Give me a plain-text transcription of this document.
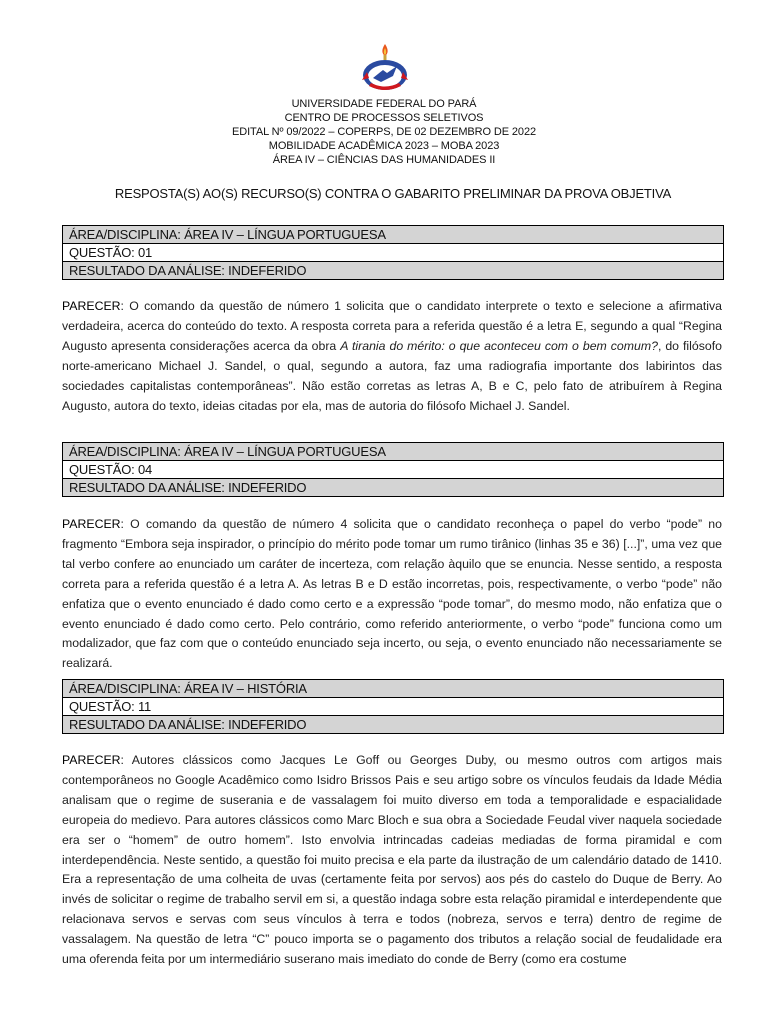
UNIVERSIDADE FEDERAL DO PARÁ
CENTRO DE PROCESSOS SELETIVOS
EDITAL Nº 09/2022 – COPERPS, DE 02 DEZEMBRO DE 2022
MOBILIDADE ACADÊMICA 2023 – MOBA 2023
ÁREA IV – CIÊNCIAS DAS HUMANIDADES II
RESPOSTA(S) AO(S) RECURSO(S) CONTRA O GABARITO PRELIMINAR DA PROVA OBJETIVA
ÁREA/DISCIPLINA: ÁREA IV – LÍNGUA PORTUGUESA
QUESTÃO: 01
RESULTADO DA ANÁLISE: INDEFERIDO

PARECER: O comando da questão de número 1 solicita que o candidato interprete o texto e selecione a afirmativa verdadeira, acerca do conteúdo do texto. A resposta correta para a referida questão é a letra E, segundo a qual “Regina Augusto apresenta considerações acerca da obra A tirania do mérito: o que aconteceu com o bem comum?, do filósofo norte-americano Michael J. Sandel, o qual, segundo a autora, faz uma radiografia importante dos labirintos das sociedades capitalistas contemporâneas”. Não estão corretas as letras A, B e C, pelo fato de atribuírem à Regina Augusto, autora do texto, ideias citadas por ela, mas de autoria do filósofo Michael J. Sandel.

ÁREA/DISCIPLINA: ÁREA IV – LÍNGUA PORTUGUESA
QUESTÃO: 04
RESULTADO DA ANÁLISE: INDEFERIDO

PARECER: O comando da questão de número 4 solicita que o candidato reconheça o papel do verbo “pode” no fragmento “Embora seja inspirador, o princípio do mérito pode tomar um rumo tirânico (linhas 35 e 36) [...]”, uma vez que tal verbo confere ao enunciado um caráter de incerteza, com relação àquilo que se enuncia. Nesse sentido, a resposta correta para a referida questão é a letra A. As letras B e D estão incorretas, pois, respectivamente, o verbo “pode” não enfatiza que o evento enunciado é dado como certo e a expressão “pode tomar”, do mesmo modo, não enfatiza que o evento enunciado é dado como certo. Pelo contrário, como referido anteriormente, o verbo “pode” funciona como um modalizador, que faz com que o conteúdo enunciado seja incerto, ou seja, o evento enunciado não necessariamente se realizará.

ÁREA/DISCIPLINA: ÁREA IV – HISTÓRIA
QUESTÃO: 11
RESULTADO DA ANÁLISE: INDEFERIDO

PARECER: Autores clássicos como Jacques Le Goff ou Georges Duby, ou mesmo outros com artigos mais contemporâneos no Google Acadêmico como Isidro Brissos Pais e seu artigo sobre os vínculos feudais da Idade Média analisam que o regime de suserania e de vassalagem foi muito diverso em toda a temporalidade e espacialidade europeia do medievo. Para autores clássicos como Marc Bloch e sua obra a Sociedade Feudal viver naquela sociedade era ser o “homem” de outro homem”. Isto envolvia intrincadas cadeias mediadas de forma piramidal e com interdependência. Neste sentido, a questão foi muito precisa e ela parte da ilustração de um calendário datado de 1410. Era a representação de uma colheita de uvas (certamente feita por servos) aos pés do castelo do Duque de Berry. Ao invés de solicitar o regime de trabalho servil em si, a questão indaga sobre esta relação piramidal e interdependente que relacionava servos e servas com seus vínculos à terra e todos (nobreza, servos e terra) dentro de regime de vassalagem. Na questão de letra “C” pouco importa se o pagamento dos tributos a relação social de feudalidade era uma oferenda feita por um intermediário suserano mais imediato do conde de Berry (como era costume
